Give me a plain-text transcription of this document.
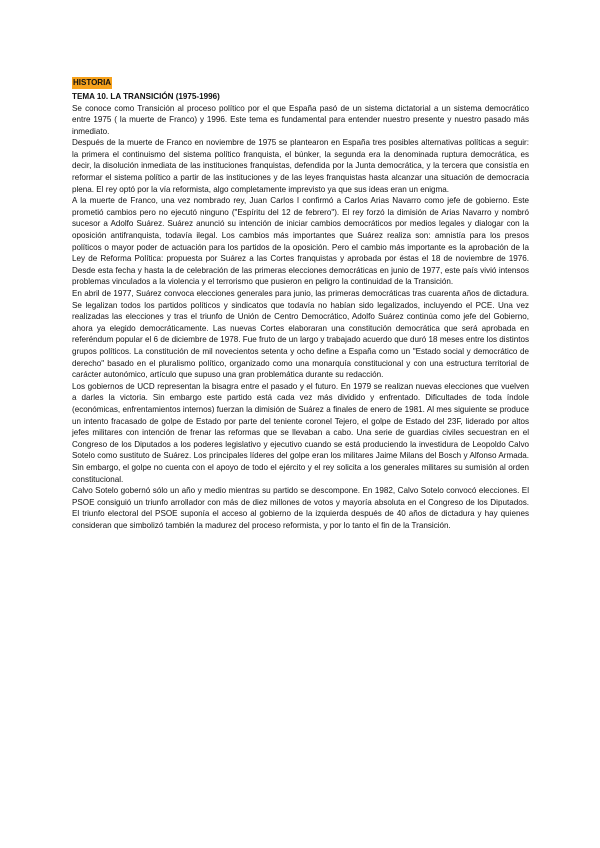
HISTORIA
TEMA 10. LA TRANSICIÓN (1975-1996)

Se conoce como Transición al proceso político por el que España pasó de un sistema dictatorial a un sistema democrático entre 1975 ( la muerte de Franco) y 1996. Este tema es fundamental para entender nuestro presente y nuestro pasado más inmediato.

Después de la muerte de Franco en noviembre de 1975 se plantearon en España tres posibles alternativas políticas a seguir: la primera el continuismo del sistema político franquista, el búnker, la segunda era la denominada ruptura democrática, es decir, la disolución inmediata de las instituciones franquistas, defendida por la Junta democrática, y la tercera que consistía en reformar el sistema político a partir de las instituciones y de las leyes franquistas hasta alcanzar una situación de democracia plena. El rey optó por la vía reformista, algo completamente imprevisto ya que sus ideas eran un enigma.

A la muerte de Franco, una vez nombrado rey, Juan Carlos I confirmó a Carlos Arias Navarro como jefe de gobierno. Este prometió cambios pero no ejecutó ninguno ("Espíritu del 12 de febrero"). El rey forzó la dimisión de Arias Navarro y nombró sucesor a Adolfo Suárez. Suárez anunció su intención de iniciar cambios democráticos por medios legales y dialogar con la oposición antifranquista, todavía ilegal. Los cambios más importantes que Suárez realiza son: amnistía para los presos políticos o mayor poder de actuación para los partidos de la oposición. Pero el cambio más importante es la aprobación de la Ley de Reforma Política: propuesta por Suárez a las Cortes franquistas y aprobada por éstas el 18 de noviembre de 1976. Desde esta fecha y hasta la de celebración de las primeras elecciones democráticas en junio de 1977, este país vivió intensos problemas vinculados a la violencia y el terrorismo que pusieron en peligro la continuidad de la Transición.

En abril de 1977, Suárez convoca elecciones generales para junio, las primeras democráticas tras cuarenta años de dictadura. Se legalizan todos los partidos políticos y sindicatos que todavía no habían sido legalizados, incluyendo el PCE. Una vez realizadas las elecciones y tras el triunfo de Unión de Centro Democrático, Adolfo Suárez continúa como jefe del Gobierno, ahora ya elegido democráticamente. Las nuevas Cortes elaboraran una constitución democrática que será aprobada en referéndum popular el 6 de diciembre de 1978. Fue fruto de un largo y trabajado acuerdo que duró 18 meses entre los distintos grupos políticos. La constitución de mil novecientos setenta y ocho define a España como un "Estado social y democrático de derecho" basado en el pluralismo político, organizado como una monarquía constitucional y con una estructura territorial de carácter autonómico, artículo que supuso una gran problemática durante su redacción.

Los gobiernos de UCD representan la bisagra entre el pasado y el futuro. En 1979 se realizan nuevas elecciones que vuelven a darles la victoria. Sin embargo este partido está cada vez más dividido y enfrentado. Dificultades de toda índole (económicas, enfrentamientos internos) fuerzan la dimisión de Suárez a finales de enero de 1981. Al mes siguiente se produce un intento fracasado de golpe de Estado por parte del teniente coronel Tejero, el golpe de Estado del 23F, liderado por altos jefes militares con intención de frenar las reformas que se llevaban a cabo. Una serie de guardias civiles secuestran en el Congreso de los Diputados a los poderes legislativo y ejecutivo cuando se está produciendo la investidura de Leopoldo Calvo Sotelo como sustituto de Suárez. Los principales líderes del golpe eran los militares Jaime Milans del Bosch y Alfonso Armada. Sin embargo, el golpe no cuenta con el apoyo de todo el ejército y el rey solicita a los generales militares su sumisión al orden constitucional.

Calvo Sotelo gobernó sólo un año y medio mientras su partido se descompone. En 1982, Calvo Sotelo convocó elecciones. El PSOE consiguió un triunfo arrollador con más de diez millones de votos y mayoría absoluta en el Congreso de los Diputados. El triunfo electoral del PSOE suponía el acceso al gobierno de la izquierda después de 40 años de dictadura y hay quienes consideran que simbolizó también la madurez del proceso reformista, y por lo tanto el fin de la Transición.
